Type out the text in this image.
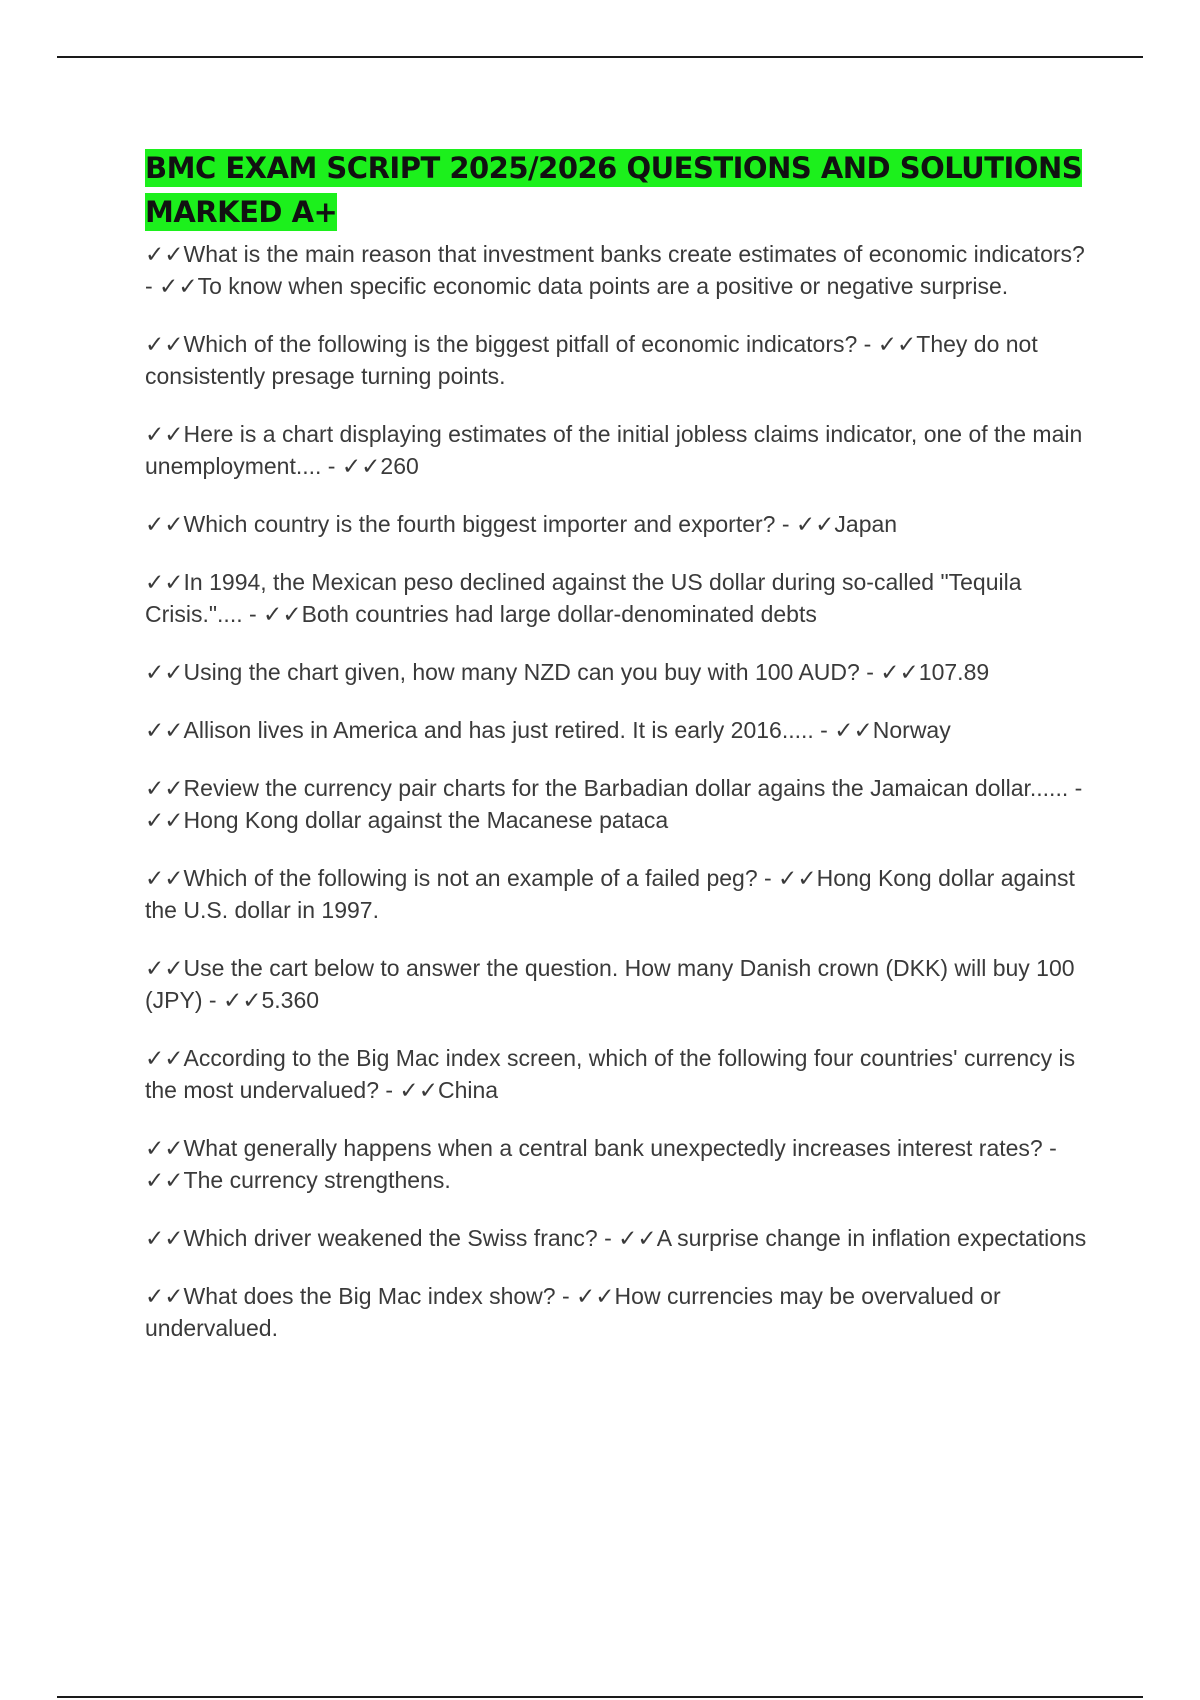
BMC EXAM SCRIPT 2025/2026 QUESTIONS AND SOLUTIONS MARKED A+

✓✓What is the main reason that investment banks create estimates of economic indicators? - ✓✓To know when specific economic data points are a positive or negative surprise.

✓✓Which of the following is the biggest pitfall of economic indicators? - ✓✓They do not consistently presage turning points.

✓✓Here is a chart displaying estimates of the initial jobless claims indicator, one of the main unemployment.... - ✓✓260

✓✓Which country is the fourth biggest importer and exporter? - ✓✓Japan

✓✓In 1994, the Mexican peso declined against the US dollar during so-called "Tequila Crisis.".... - ✓✓Both countries had large dollar-denominated debts

✓✓Using the chart given, how many NZD can you buy with 100 AUD? - ✓✓107.89

✓✓Allison lives in America and has just retired. It is early 2016..... - ✓✓Norway

✓✓Review the currency pair charts for the Barbadian dollar agains the Jamaican dollar...... - ✓✓Hong Kong dollar against the Macanese pataca

✓✓Which of the following is not an example of a failed peg? - ✓✓Hong Kong dollar against the U.S. dollar in 1997.

✓✓Use the cart below to answer the question. How many Danish crown (DKK) will buy 100 (JPY) - ✓✓5.360

✓✓According to the Big Mac index screen, which of the following four countries' currency is the most undervalued? - ✓✓China

✓✓What generally happens when a central bank unexpectedly increases interest rates? - ✓✓The currency strengthens.

✓✓Which driver weakened the Swiss franc? - ✓✓A surprise change in inflation expectations

✓✓What does the Big Mac index show? - ✓✓How currencies may be overvalued or undervalued.
